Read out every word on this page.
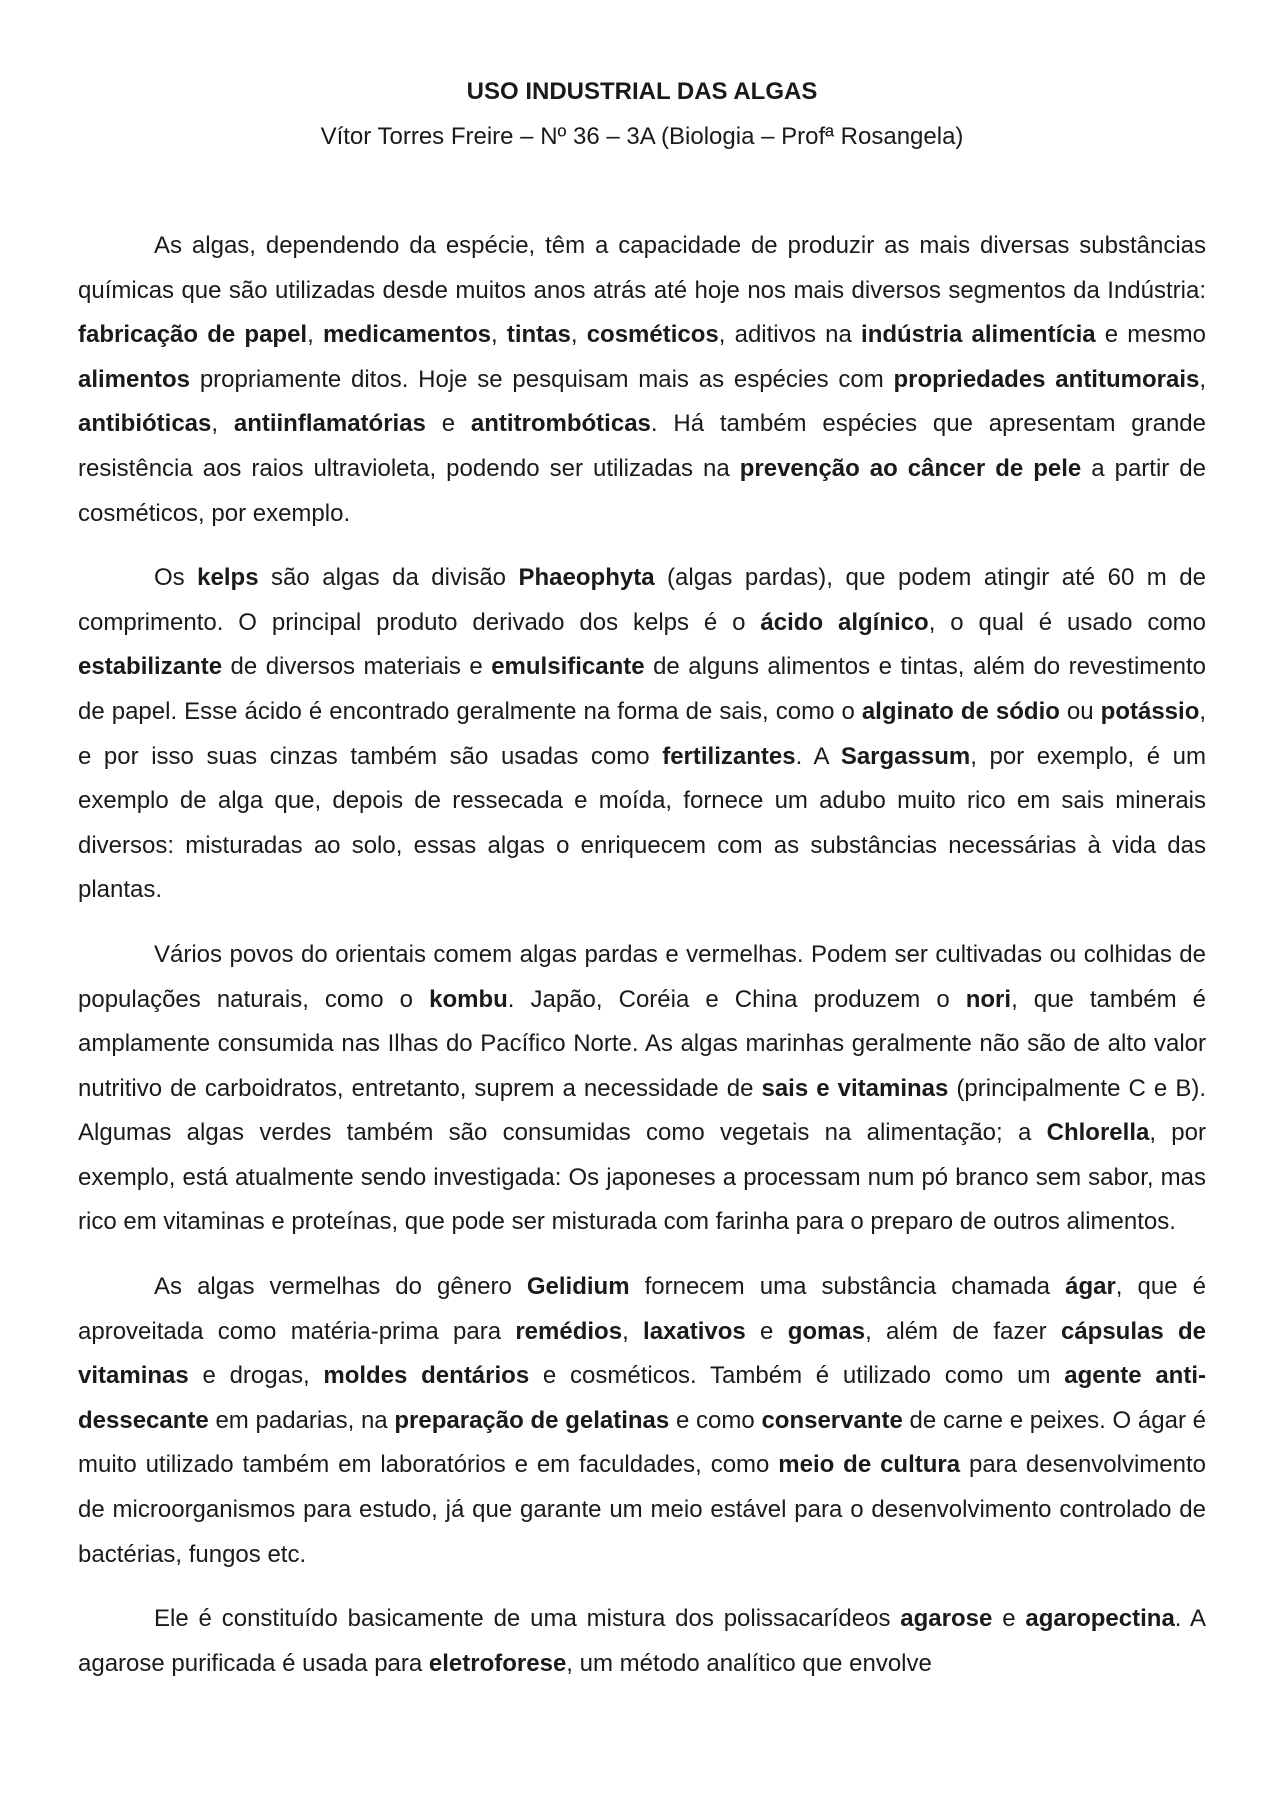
USO INDUSTRIAL DAS ALGAS

Vítor Torres Freire – Nº 36 – 3A (Biologia – Profª Rosangela)

As algas, dependendo da espécie, têm a capacidade de produzir as mais diversas substâncias químicas que são utilizadas desde muitos anos atrás até hoje nos mais diversos segmentos da Indústria: fabricação de papel, medicamentos, tintas, cosméticos, aditivos na indústria alimentícia e mesmo alimentos propriamente ditos. Hoje se pesquisam mais as espécies com propriedades antitumorais, antibióticas, antiinflamatórias e antitrombóticas. Há também espécies que apresentam grande resistência aos raios ultravioleta, podendo ser utilizadas na prevenção ao câncer de pele a partir de cosméticos, por exemplo.

Os kelps são algas da divisão Phaeophyta (algas pardas), que podem atingir até 60 m de comprimento. O principal produto derivado dos kelps é o ácido algínico, o qual é usado como estabilizante de diversos materiais e emulsificante de alguns alimentos e tintas, além do revestimento de papel. Esse ácido é encontrado geralmente na forma de sais, como o alginato de sódio ou potássio, e por isso suas cinzas também são usadas como fertilizantes. A Sargassum, por exemplo, é um exemplo de alga que, depois de ressecada e moída, fornece um adubo muito rico em sais minerais diversos: misturadas ao solo, essas algas o enriquecem com as substâncias necessárias à vida das plantas.

Vários povos do orientais comem algas pardas e vermelhas. Podem ser cultivadas ou colhidas de populações naturais, como o kombu. Japão, Coréia e China produzem o nori, que também é amplamente consumida nas Ilhas do Pacífico Norte. As algas marinhas geralmente não são de alto valor nutritivo de carboidratos, entretanto, suprem a necessidade de sais e vitaminas (principalmente C e B). Algumas algas verdes também são consumidas como vegetais na alimentação; a Chlorella, por exemplo, está atualmente sendo investigada: Os japoneses a processam num pó branco sem sabor, mas rico em vitaminas e proteínas, que pode ser misturada com farinha para o preparo de outros alimentos.

As algas vermelhas do gênero Gelidium fornecem uma substância chamada ágar, que é aproveitada como matéria-prima para remédios, laxativos e gomas, além de fazer cápsulas de vitaminas e drogas, moldes dentários e cosméticos. Também é utilizado como um agente anti-dessecante em padarias, na preparação de gelatinas e como conservante de carne e peixes. O ágar é muito utilizado também em laboratórios e em faculdades, como meio de cultura para desenvolvimento de microorganismos para estudo, já que garante um meio estável para o desenvolvimento controlado de bactérias, fungos etc.

Ele é constituído basicamente de uma mistura dos polissacarídeos agarose e agaropectina. A agarose purificada é usada para eletroforese, um método analítico que envolve
